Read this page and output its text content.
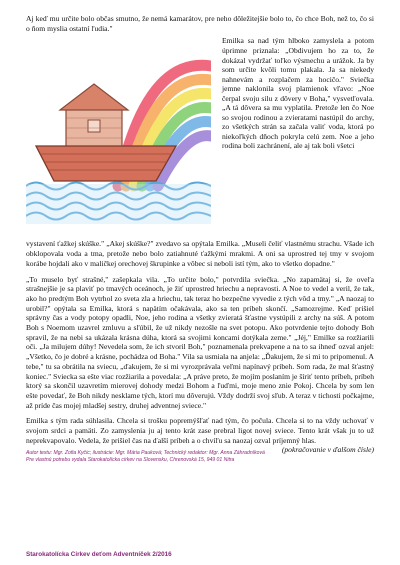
Aj keď mu určite bolo občas smutno, že nemá kamarátov, pre neho dôležitejšie bolo to, čo chce Boh, než to, čo si o ňom myslia ostatní ľudia."

Emilka sa nad tým hlboko zamyslela a potom úprimne priznala: „Obdivujem ho za to, že dokázal vydržať toľko výsmechu a urážok. Ja by som určite kvôli tomu plakala. Ja sa niekedy nahnevám a rozplačem za hocičo." Sviečka jemne naklonila svoj plamienok vľavo: „Noe čerpal svoju silu z dôvery v Boha," vysvetľovala. „A tá dôvera sa mu vyplatila. Pretože len čo Noe so svojou rodinou a zvieratami nastúpil do archy, zo všetkých strán sa začala valiť voda, ktorá po niekoľkých dňoch pokryla celú zem. Noe a jeho rodina boli zachránení, ale aj tak boli všetci

vystavení ťažkej skúške." „Akej skúške?" zvedavo sa opýtala Emilka. „Museli čeliť vlastnému strachu. Všade ich obklopovala voda a tma, pretože nebo bolo zatiahnuté ťažkými mrakmi. A oni sa uprostred tej tmy v svojom korábe hojdali ako v maličkej orechovej škrupinke a vôbec si neboli istí tým, ako to všetko dopadne."

„To muselo byť strašné," zašepkala vila. „To určite bolo," potvrdila sviečka. „No zapamätaj si, že oveľa strašnejšie je sa plaviť po tmavých oceánoch, je žiť uprostred hriechu a nepravosti. A Noe to vedel a veril, že tak, ako ho predtým Boh vytrhol zo sveta zla a hriechu, tak teraz ho bezpečne vyvedie z tých vôd a tmy." „A naozaj to urobil?" opýtala sa Emilka, ktorá s napätím očakávala, ako sa ten príbeh skončí. „Samozrejme. Keď prišiel správny čas a vody potopy opadli, Noe, jeho rodina a všetky zvieratá šťastne vystúpili z archy na súš. A potom Boh s Noemom uzavrel zmluvu a sľúbil, že už nikdy nezošle na svet potopu. Ako potvrdenie tejto dohody Boh spravil, že na nebi sa ukázala krásna dúha, ktorá sa svojimi koncami dotýkala zeme." „Jéj," Emilke sa rozžiarili oči. „Ja milujem dúhy! Nevedela som, že ich stvoril Boh," poznamenala prekvapene a na to sa ihneď ozval anjel: „Všetko, čo je dobré a krásne, pochádza od Boha." Vila sa usmiala na anjela: „Ďakujem, že si mi to pripomenul. A tebe," tu sa obrátila na sviecu, „ďakujem, že si mi vyrozprávala veľmi napínavý príbeh. Som rada, že mal šťastný koniec." Sviecka sa ešte viac rozžiarila a povedala: „A práve preto, že mojím poslaním je šíriť tento príbeh, príbeh ktorý sa skončil uzavretím mierovej dohody medzi Bohom a ľuďmi, moje meno znie Pokoj. Chcela by som len ešte povedať, že Boh nikdy nesklame tých, ktorí mu dôverujú. Vždy dodrží svoj sľub. A teraz v tichosti počkajme, až príde čas mojej mladšej sestry, druhej adventnej sviece."

Emilka s tým rada súhlasila. Chcela si trošku popremýšľať nad tým, čo počula. Chcela si to na vždy uchovať v svojom srdci a pamäti. Zo zamyslenia ju aj tento krát zase prebral ligot novej sviece. Tento krát však ju to už neprekvapovalo. Vedela, že prišiel čas na ďalší príbeh a o chvíľu sa naozaj ozval príjemný hlas.
(pokračovanie v ďalšom čísle)

Autor textu: Mgr. Zofia Kyčic; ilustrácie: Mgr. Mária Pauková; Technický redaktor: Mgr. Anna Záhradníková
Pre vlastnú potrebu vydala Starokatolícka cirkev na Slovensku, Chrenovská 15, 949 01 Nitra
Starokatolícka Cirkev deťom Adventníček 2/2016
